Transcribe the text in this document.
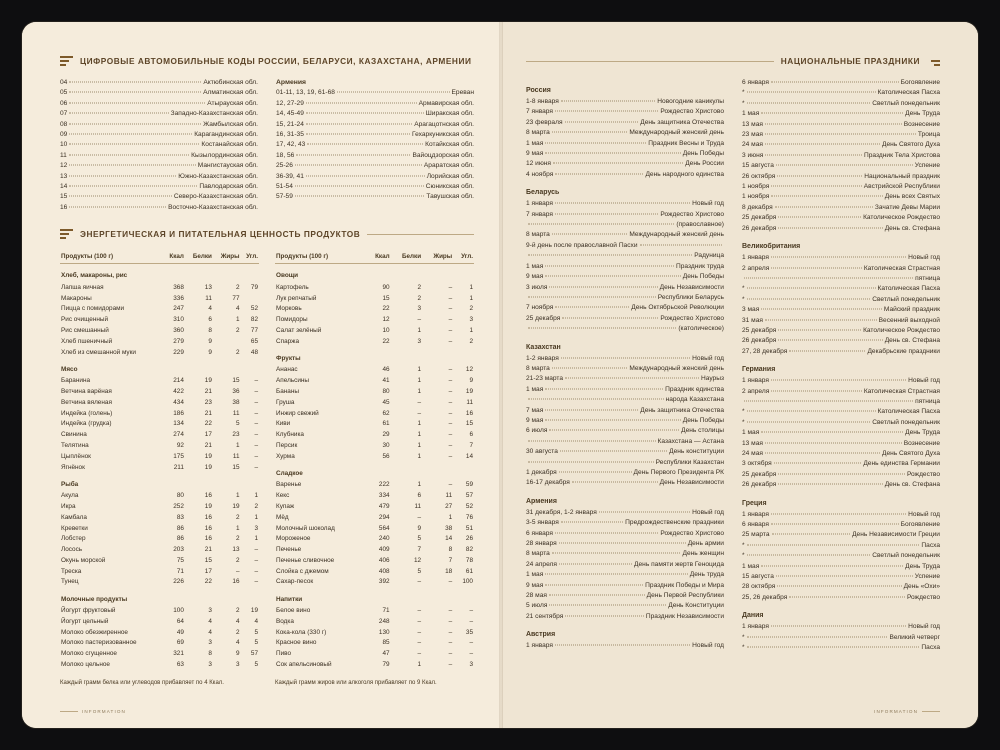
ЦИФРОВЫЕ АВТОМОБИЛЬНЫЕ КОДЫ РОССИИ, БЕЛАРУСИ, КАЗАХСТАНА, АРМЕНИИ
04	Актюбинская обл.
05	Алматинская обл.
06	Атырауская обл.
07	Западно-Казахстанская обл.
08	Жамбылская обл.
09	Карагандинская обл.
10	Костанайская обл.
11	Кызылординская обл.
12	Мангистауская обл.
13	Южно-Казахстанская обл.
14	Павлодарская обл.
15	Северо-Казахстанская обл.
16	Восточно-Казахстанская обл.
Армения
01-11, 13, 19, 61-68	Ереван
12, 27-29	Армавирская обл.
14, 45-49	Ширакская обл.
15, 21-24	Арагацотнская обл.
16, 31-35	Гехаркуникская обл.
17, 42, 43	Котайкская обл.
18, 56	Вайоцдзорская обл.
25-26	Араратская обл.
36-39, 41	Лорийская обл.
51-54	Сюникская обл.
57-59	Тавушская обл.
ЭНЕРГЕТИЧЕСКАЯ И ПИТАТЕЛЬНАЯ ЦЕННОСТЬ ПРОДУКТОВ
Продукты (100 г)	Ккал	Белки	Жиры	Угл.
Хлеб, макароны, рис				
Лапша яичная	368	13	2	79
Макароны	336	11	77	
Пицца с помидорами	247	4	4	52
Рис очищенный	310	6	1	82
Рис смешанный	360	8	2	77
Хлеб пшеничный	279	9		65
Хлеб из смешанной муки	229	9	2	48
Мясо				
Баранина	214	19	15	–
Ветчина варёная	422	21	36	–
Ветчина вяленая	434	23	38	–
Индейка (голень)	186	21	11	–
Индейка (грудка)	134	22	5	–
Свинина	274	17	23	–
Телятина	92	21	1	–
Цыплёнок	175	19	11	–
Ягнёнок	211	19	15	–
Рыба				
Акула	80	16	1	1
Икра	252	19	19	2
Камбала	83	16	2	1
Креветки	86	16	1	3
Лобстер	86	16	2	1
Лосось	203	21	13	–
Окунь морской	75	15	2	–
Треска	71	17	–	–
Тунец	226	22	16	–
Молочные продукты				
Йогурт фруктовый	100	3	2	19
Йогурт цельный	64	4	4	4
Молоко обезжиренное	49	4	2	5
Молоко пастеризованное	69	3	4	5
Молоко сгущенное	321	8	9	57
Молоко цельное	63	3	3	5
Продукты (100 г)	Ккал	Белки	Жиры	Угл.
Овощи				
Картофель	90	2	–	1
Лук репчатый	15	2	–	1
Морковь	22	3	–	2
Помидоры	12	–	–	3
Салат зелёный	10	1	–	1
Спаржа	22	3	–	2
Фрукты				
Ананас	46	1	–	12
Апельсины	41	1	–	9
Бананы	80	1	–	19
Груша	45	–	–	11
Инжир свежий	62	–	–	16
Киви	61	1	–	15
Клубника	29	1	–	6
Персик	30	1	–	7
Хурма	56	1	–	14
Сладкое				
Варенье	222	1	–	59
Кекс	334	6	11	57
Купаж	479	11	27	52
Мёд	294	–	1	76
Молочный шоколад	564	9	38	51
Мороженое	240	5	14	26
Печенье	409	7	8	82
Печенье сливочное	406	12	7	78
Слойка с джемом	408	5	18	61
Сахар-песок	392	–	–	100
Напитки				
Белое вино	71	–	–	–
Водка	248	–	–	–
Кока-кола (330 г)	130	–	–	35
Красное вино	85	–	–	–
Пиво	47	–	–	–
Сок апельсиновый	79	1	–	3
Каждый грамм белка или углеводов прибавляет по 4 Ккал.	Каждый грамм жиров или алкоголя прибавляет по 9 Ккал.
INFORMATION
НАЦИОНАЛЬНЫЕ ПРАЗДНИКИ
Россия
1-8 января	Новогодние каникулы
7 января	Рождество Христово
23 февраля	День защитника Отечества
8 марта	Международный женский день
1 мая	Праздник Весны и Труда
9 мая	День Победы
12 июня	День России
4 ноября	День народного единства
Беларусь
1 января	Новый год
7 января	Рождество Христово
(православное)
8 марта	Международный женский день
9-й день после православной Пасхи
Радуница
1 мая	Праздник труда
9 мая	День Победы
3 июля	День Независимости
Республики Беларусь
7 ноября	День Октябрьской Революции
25 декабря	Рождество Христово
(католическое)
Казахстан
1-2 января	Новый год
8 марта	Международный женский день
21-23 марта	Наурыз
1 мая	Праздник единства
народа Казахстана
7 мая	День защитника Отечества
9 мая	День Победы
6 июля	День столицы
Казахстана — Астана
30 августа	День конституции
Республики Казахстан
1 декабря	День Первого Президента РК
16-17 декабря	День Независимости
Армения
31 декабря, 1-2 января	Новый год
3-5 января	Предрождественские праздники
6 января	Рождество Христово
28 января	День армии
8 марта	День женщин
24 апреля	День памяти жертв Геноцида
1 мая	День труда
9 мая	Праздник Победы и Мира
28 мая	День Первой Республики
5 июля	День Конституции
21 сентября	Праздник Независимости
Австрия
1 января	Новый год
6 января	Богоявление
*	Католическая Пасха
*	Светлый понедельник
1 мая	День Труда
13 мая	Вознесение
23 мая	Троица
24 мая	День Святого Духа
3 июня	Праздник Тела Христова
15 августа	Успение
26 октября	Национальный праздник
1 ноября	Австрийской Республики
1 ноября	День всех Святых
8 декабря	Зачатие Девы Марии
25 декабря	Католическое Рождество
26 декабря	День св. Стефана
Великобритания
1 января	Новый год
2 апреля	Католическая Страстная
пятница
*	Католическая Пасха
*	Светлый понедельник
3 мая	Майский праздник
31 мая	Весенний выходной
25 декабря	Католическое Рождество
26 декабря	День св. Стефана
27, 28 декабря	Декабрьские праздники
Германия
1 января	Новый год
2 апреля	Католическая Страстная
пятница
*	Католическая Пасха
*	Светлый понедельник
1 мая	День Труда
13 мая	Вознесение
24 мая	День Святого Духа
3 октября	День единства Германии
25 декабря	Рождество
26 декабря	День св. Стефана
Греция
1 января	Новый год
6 января	Богоявление
25 марта	День Независимости Греции
*	Пасха
*	Светлый понедельник
1 мая	День Труда
15 августа	Успение
28 октября	День «Охи»
25, 26 декабря	Рождество
Дания
1 января	Новый год
*	Великий четверг
*	Пасха
INFORMATION
